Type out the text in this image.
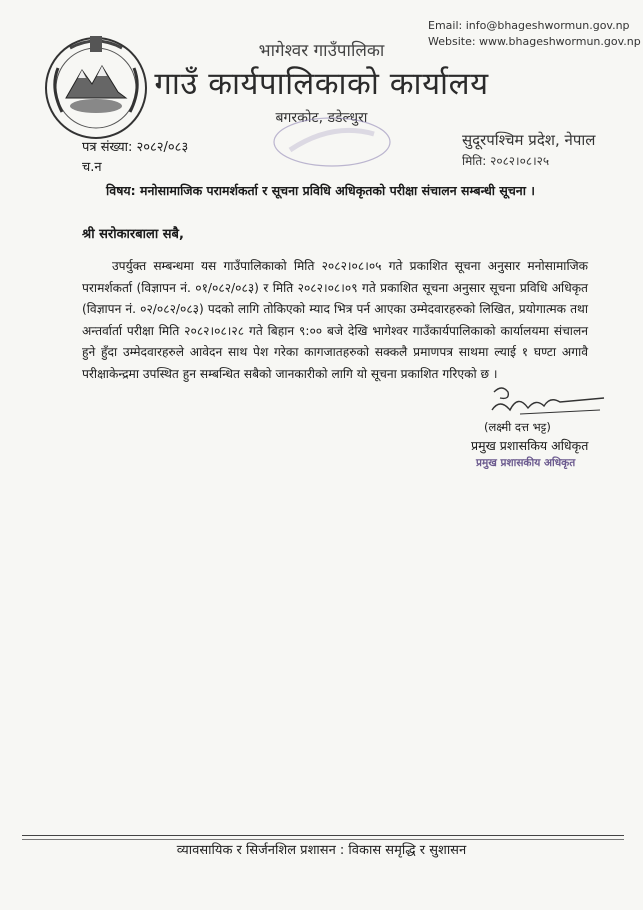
Email: info@bhageshwormun.gov.np
Website: www.bhageshwormun.gov.np
भागेश्वर गाउँपालिका
गाउँ कार्यपालिकाको कार्यालय
बगरकोट, डडेल्धुरा
पत्र संख्या: २०८२/०८३
च.न
सुदूरपश्चिम प्रदेश, नेपाल
मिति: २०८२।०८।२५
विषय: मनोसामाजिक परामर्शकर्ता र सूचना प्रविधि अधिकृतको परीक्षा संचालन सम्बन्धी सूचना ।
श्री सरोकारबाला सबै,
उपर्युक्त सम्बन्धमा यस गाउँपालिकाको मिति २०८२।०८।०५ गते प्रकाशित सूचना अनुसार मनोसामाजिक परामर्शकर्ता (विज्ञापन नं. ०१/०८२/०८३) र मिति २०८२।०८।०९ गते प्रकाशित सूचना अनुसार सूचना प्रविधि अधिकृत (विज्ञापन नं. ०२/०८२/०८३) पदको लागि तोकिएको म्याद भित्र पर्न आएका उम्मेदवारहरुको लिखित, प्रयोगात्मक तथा अन्तर्वार्ता परीक्षा मिति २०८२।०८।२८ गते बिहान ९:०० बजे देखि भागेश्वर गाउँकार्यपालिकाको कार्यालयमा संचालन हुने हुँदा उम्मेदवारहरुले आवेदन साथ पेश गरेका कागजातहरुको सक्कलै प्रमाणपत्र साथमा ल्याई १ घण्टा अगावै परीक्षाकेन्द्रमा उपस्थित हुन सम्बन्धित सबैको जानकारीको लागि यो सूचना प्रकाशित गरिएको छ ।
(लक्ष्मी दत्त भट्ट)
प्रमुख प्रशासकिय अधिकृत
प्रमुख प्रशासकीय अधिकृत
व्यावसायिक र सिर्जनशिल प्रशासन : विकास समृद्धि र सुशासन
